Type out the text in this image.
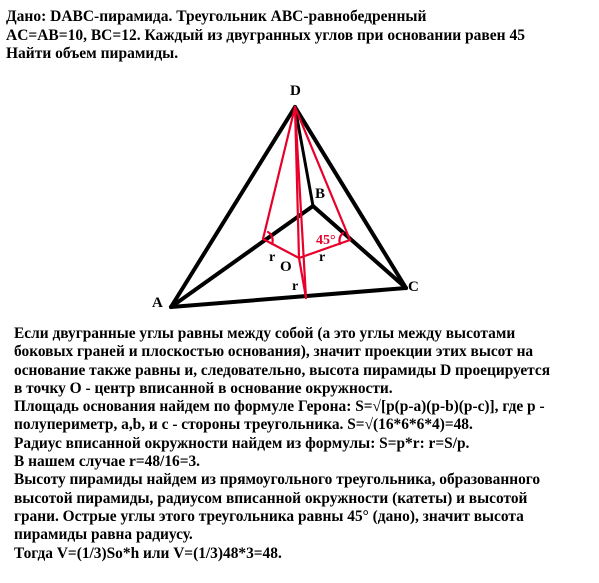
Дано: DABC-пирамида. Треугольник ABC-равнобедренный
AC=AB=10, BC=12. Каждый из двугранных углов при основании равен 45
Найти объем пирамиды.
D
B
A
C
O
r	r
r
45°
Если двугранные углы равны между собой (а это углы между высотами
боковых граней и плоскостью основания), значит проекции этих высот на
основание также равны и, следовательно, высота пирамиды D проецируется
в точку О - центр вписанной в основание окружности.
Площадь основания найдем по формуле Герона: S=√[p(p-a)(p-b)(p-c)], где p -
полупериметр, a,b, и c - стороны треугольника. S=√(16*6*6*4)=48.
Радиус вписанной окружности найдем из формулы: S=p*r: r=S/p.
В нашем случае r=48/16=3.
Высоту пирамиды найдем из прямоугольного треугольника, образованного
высотой пирамиды, радиусом вписанной окружности (катеты) и высотой
грани. Острые углы этого треугольника равны 45° (дано), значит высота
пирамиды равна радиусу.
Тогда V=(1/3)So*h или V=(1/3)48*3=48.
